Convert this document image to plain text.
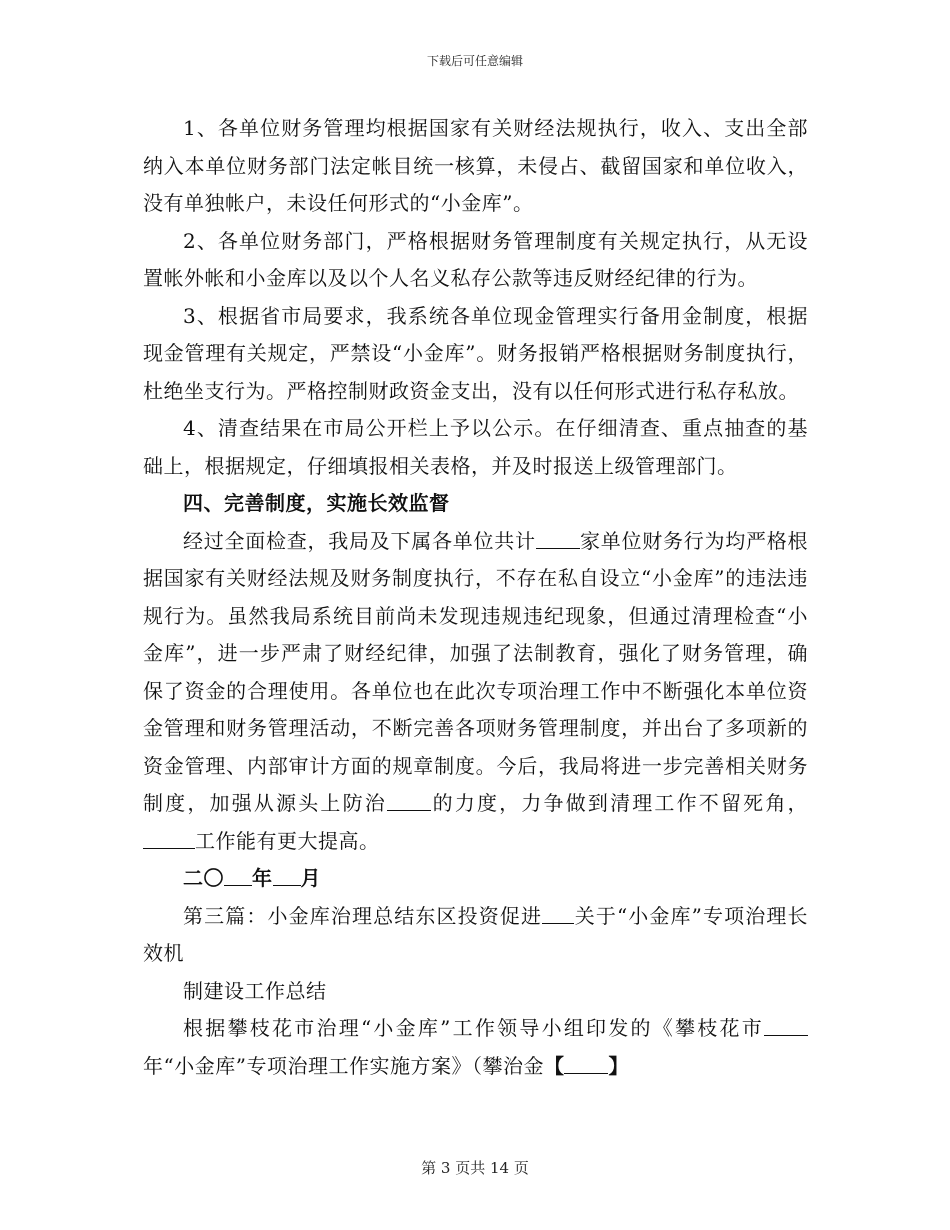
下载后可任意编辑

1、各单位财务管理均根据国家有关财经法规执行，收入、支出全部纳入本单位财务部门法定帐目统一核算，未侵占、截留国家和单位收入，没有单独帐户，未设任何形式的“小金库”。

2、各单位财务部门，严格根据财务管理制度有关规定执行，从无设置帐外帐和小金库以及以个人名义私存公款等违反财经纪律的行为。

3、根据省市局要求，我系统各单位现金管理实行备用金制度，根据现金管理有关规定，严禁设“小金库”。财务报销严格根据财务制度执行，杜绝坐支行为。严格控制财政资金支出，没有以任何形式进行私存私放。

4、清查结果在市局公开栏上予以公示。在仔细清查、重点抽查的基础上，根据规定，仔细填报相关表格，并及时报送上级管理部门。

四、完善制度，实施长效监督

经过全面检查，我局及下属各单位共计 家单位财务行为均严格根据国家有关财经法规及财务制度执行，不存在私自设立“小金库”的违法违规行为。虽然我局系统目前尚未发现违规违纪现象，但通过清理检查“小金库”，进一步严肃了财经纪律，加强了法制教育，强化了财务管理，确保了资金的合理使用。各单位也在此次专项治理工作中不断强化本单位资金管理和财务管理活动，不断完善各项财务管理制度，并出台了多项新的资金管理、内部审计方面的规章制度。今后，我局将进一步完善相关财务制度，加强从源头上防治 的力度，力争做到清理工作不留死角，工作能有更大提高。

二〇 年 月

第三篇：小金库治理总结东区投资促进 关于“小金库”专项治理长效机

制建设工作总结

根据攀枝花市治理“小金库”工作领导小组印发的《攀枝花市年“小金库”专项治理工作实施方案》（攀治金【 】

第 3 页共 14 页
